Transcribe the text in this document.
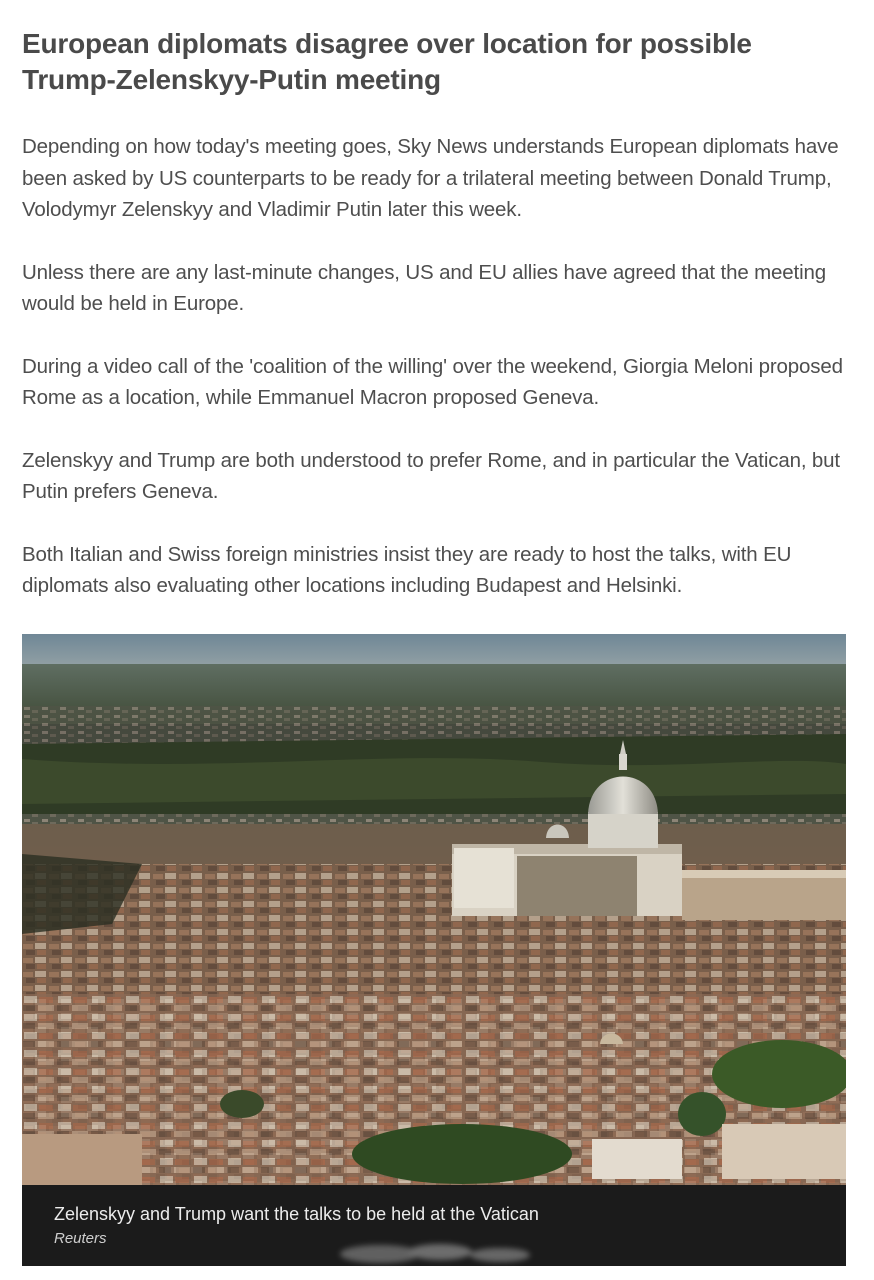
European diplomats disagree over location for possible Trump-Zelenskyy-Putin meeting

Depending on how today's meeting goes, Sky News understands European diplomats have been asked by US counterparts to be ready for a trilateral meeting between Donald Trump, Volodymyr Zelenskyy and Vladimir Putin later this week.

Unless there are any last-minute changes, US and EU allies have agreed that the meeting would be held in Europe.

During a video call of the 'coalition of the willing' over the weekend, Giorgia Meloni proposed Rome as a location, while Emmanuel Macron proposed Geneva.

Zelenskyy and Trump are both understood to prefer Rome, and in particular the Vatican, but Putin prefers Geneva.

Both Italian and Swiss foreign ministries insist they are ready to host the talks, with EU diplomats also evaluating other locations including Budapest and Helsinki.

Zelenskyy and Trump want the talks to be held at the Vatican
Reuters
